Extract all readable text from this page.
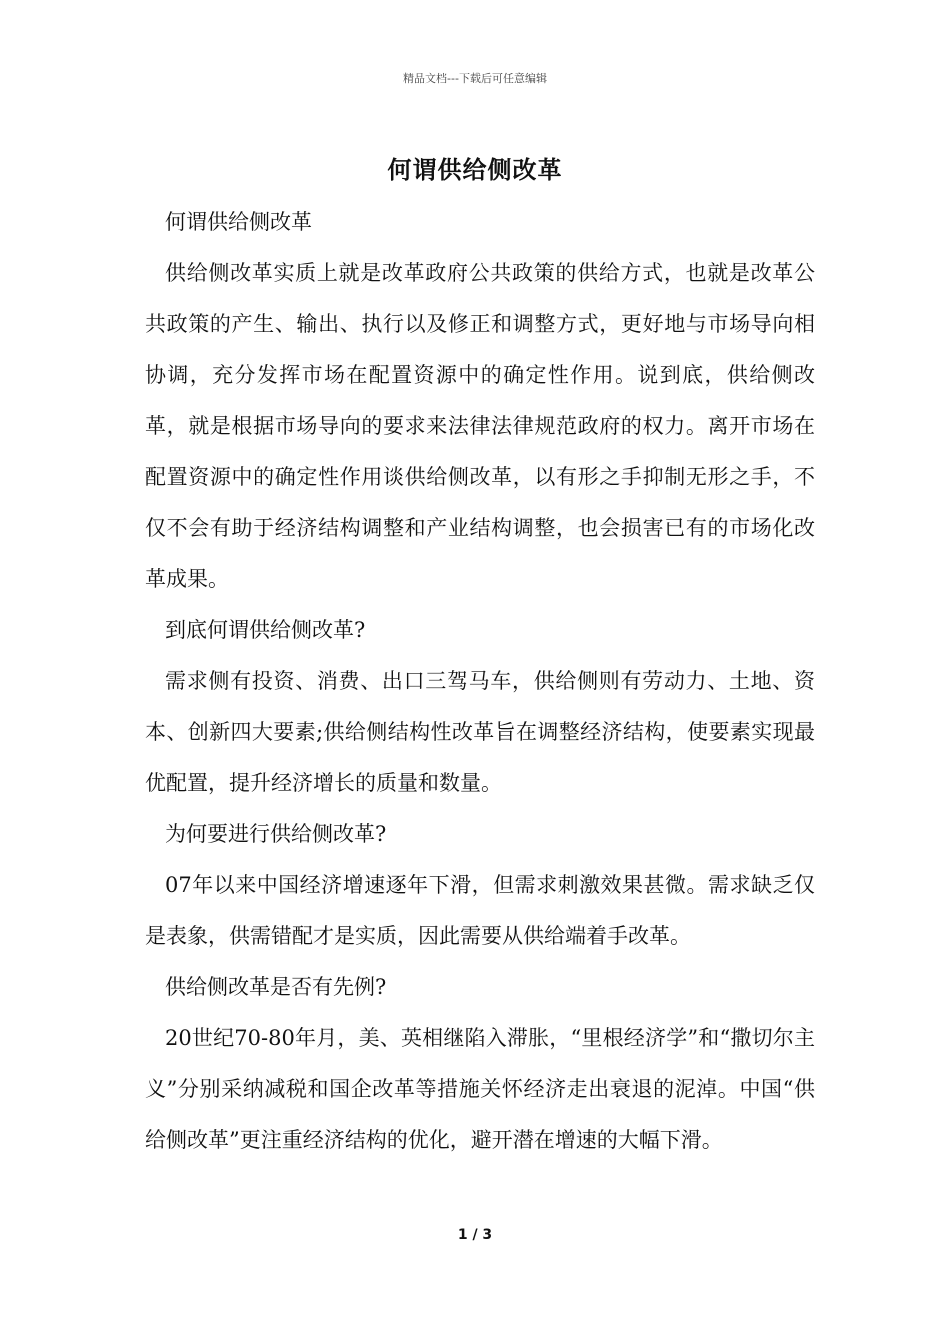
精品文档---下载后可任意编辑
何谓供给侧改革

何谓供给侧改革

供给侧改革实质上就是改革政府公共政策的供给方式，也就是改革公共政策的产生、输出、执行以及修正和调整方式，更好地与市场导向相协调，充分发挥市场在配置资源中的确定性作用。说到底，供给侧改革，就是根据市场导向的要求来法律法律规范政府的权力。离开市场在配置资源中的确定性作用谈供给侧改革，以有形之手抑制无形之手，不仅不会有助于经济结构调整和产业结构调整，也会损害已有的市场化改革成果。

到底何谓供给侧改革?

需求侧有投资、消费、出口三驾马车，供给侧则有劳动力、土地、资本、创新四大要素;供给侧结构性改革旨在调整经济结构，使要素实现最优配置，提升经济增长的质量和数量。

为何要进行供给侧改革?

07年以来中国经济增速逐年下滑，但需求刺激效果甚微。需求缺乏仅是表象，供需错配才是实质，因此需要从供给端着手改革。

供给侧改革是否有先例?

20世纪70-80年月，美、英相继陷入滞胀，“里根经济学”和“撒切尔主义”分别采纳减税和国企改革等措施关怀经济走出衰退的泥淖。中国“供给侧改革”更注重经济结构的优化，避开潜在增速的大幅下滑。

1 / 3
